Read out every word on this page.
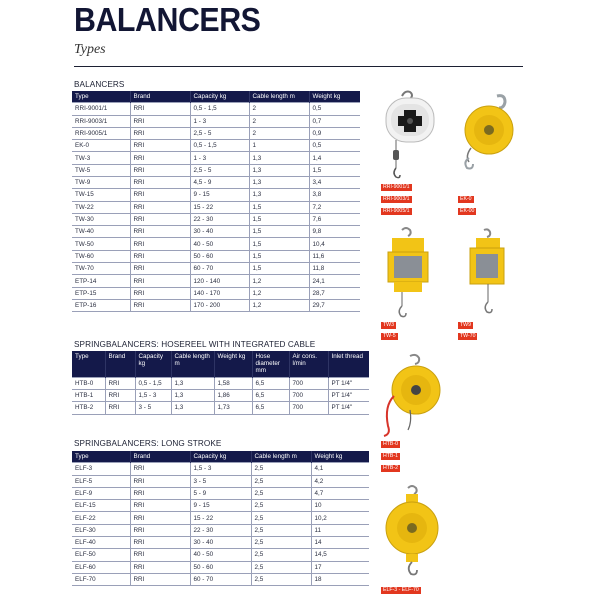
BALANCERS
Types
BALANCERS
Type	Brand	Capacity kg	Cable length m	Weight kg
RRI-9001/1	RRI	0,5 - 1,5	2	0,5
RRI-9003/1	RRI	1 - 3	2	0,7
RRI-9005/1	RRI	2,5 - 5	2	0,9
EK-0	RRI	0,5 - 1,5	1	0,5
TW-3	RRI	1 - 3	1,3	1,4
TW-5	RRI	2,5 - 5	1,3	1,5
TW-9	RRI	4,5 - 9	1,3	3,4
TW-15	RRI	9 - 15	1,3	3,8
TW-22	RRI	15 - 22	1,5	7,2
TW-30	RRI	22 - 30	1,5	7,6
TW-40	RRI	30 - 40	1,5	9,8
TW-50	RRI	40 - 50	1,5	10,4
TW-60	RRI	50 - 60	1,5	11,6
TW-70	RRI	60 - 70	1,5	11,8
ETP-14	RRI	120 - 140	1,2	24,1
ETP-15	RRI	140 - 170	1,2	28,7
ETP-16	RRI	170 - 200	1,2	29,7
SPRINGBALANCERS: HOSEREEL WITH INTEGRATED CABLE
Type	Brand	Capacity kg	Cable length m	Weight kg	Hose diameter mm	Air cons. l/min	Inlet thread
HTB-0	RRI	0,5 - 1,5	1,3	1,58	6,5	700	PT 1/4"
HTB-1	RRI	1,5 - 3	1,3	1,86	6,5	700	PT 1/4"
HTB-2	RRI	3 - 5	1,3	1,73	6,5	700	PT 1/4"
SPRINGBALANCERS: LONG STROKE
Type	Brand	Capacity kg	Cable length m	Weight kg
ELF-3	RRI	1,5 - 3	2,5	4,1
ELF-5	RRI	3 - 5	2,5	4,2
ELF-9	RRI	5 - 9	2,5	4,7
ELF-15	RRI	9 - 15	2,5	10
ELF-22	RRI	15 - 22	2,5	10,2
ELF-30	RRI	22 - 30	2,5	11
ELF-40	RRI	30 - 40	2,5	14
ELF-50	RRI	40 - 50	2,5	14,5
ELF-60	RRI	50 - 60	2,5	17
ELF-70	RRI	60 - 70	2,5	18
RRI-9001/1
RRI-9003/1
RRI-9005/1
EK-0
EK-00
TW3
TW-5
TW9
TW-70
HTB-0
HTB-1
HTB-2
ELF-3 - ELF-70
